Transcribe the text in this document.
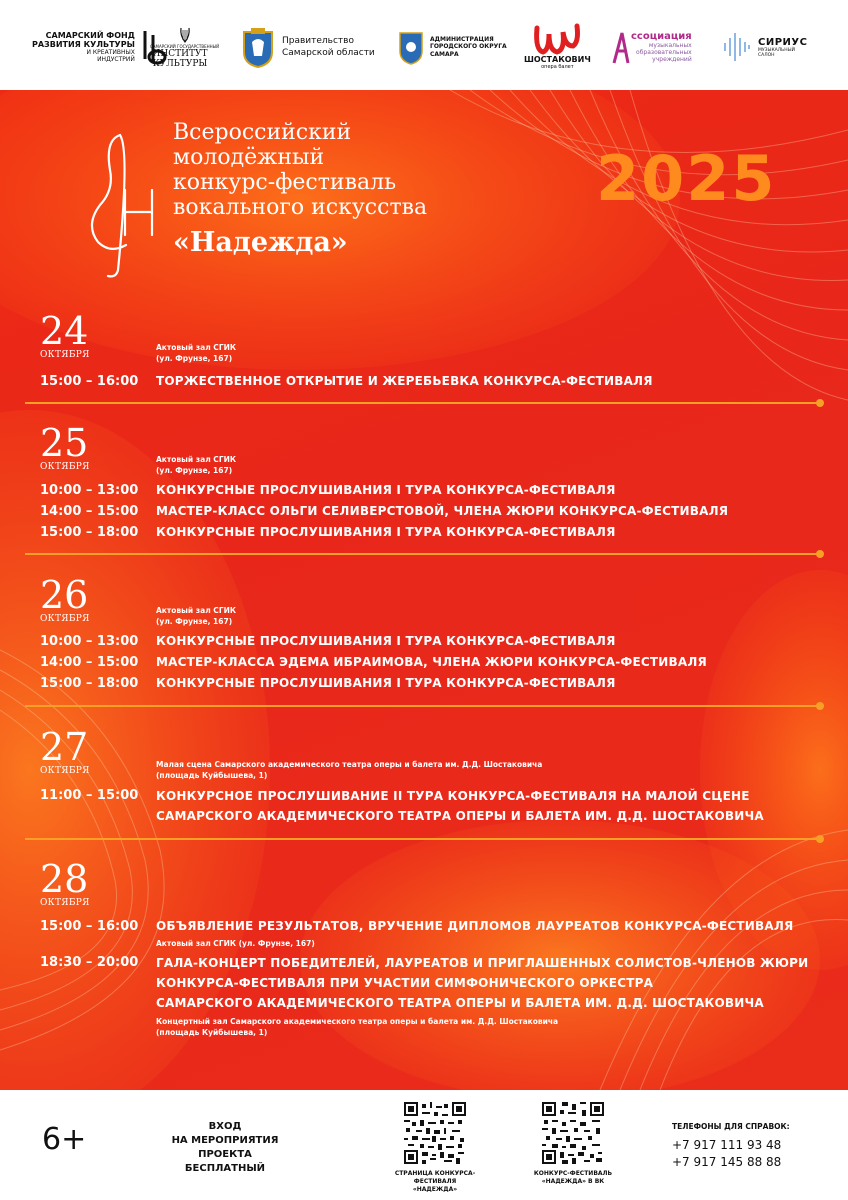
САМАРСКИЙ ФОНД
РАЗВИТИЯ КУЛЬТУРЫ
И КРЕАТИВНЫХ
ИНДУСТРИЙ
САМАРСКИЙ ГОСУДАРСТВЕННЫЙ
ИНСТИТУТ КУЛЬТУРЫ
Правительство
Самарской области
АДМИНИСТРАЦИЯ
ГОРОДСКОГО ОКРУГА
САМАРА
ШОСТАКОВИЧ
опера балет
ссоциация
музыкальных
образовательных
учреждений
СИРИУС
МУЗЫКАЛЬНЫЙ
САЛОН
Всероссийский
молодёжный
конкурс-фестиваль
вокального искусства
«Надежда»
2025
24
ОКТЯБРЯ
Актовый зал СГИК
(ул. Фрунзе, 167)
15:00 – 16:00 ТОРЖЕСТВЕННОЕ ОТКРЫТИЕ И ЖЕРЕБЬЕВКА КОНКУРСА-ФЕСТИВАЛЯ
25
ОКТЯБРЯ
Актовый зал СГИК
(ул. Фрунзе, 167)
10:00 – 13:00 КОНКУРСНЫЕ ПРОСЛУШИВАНИЯ I ТУРА КОНКУРСА-ФЕСТИВАЛЯ
14:00 – 15:00 МАСТЕР-КЛАСС ОЛЬГИ СЕЛИВЕРСТОВОЙ, ЧЛЕНА ЖЮРИ КОНКУРСА-ФЕСТИВАЛЯ
15:00 – 18:00 КОНКУРСНЫЕ ПРОСЛУШИВАНИЯ I ТУРА КОНКУРСА-ФЕСТИВАЛЯ
26
ОКТЯБРЯ
Актовый зал СГИК
(ул. Фрунзе, 167)
10:00 – 13:00 КОНКУРСНЫЕ ПРОСЛУШИВАНИЯ I ТУРА КОНКУРСА-ФЕСТИВАЛЯ
14:00 – 15:00 МАСТЕР-КЛАССА ЭДЕМА ИБРАИМОВА, ЧЛЕНА ЖЮРИ КОНКУРСА-ФЕСТИВАЛЯ
15:00 – 18:00 КОНКУРСНЫЕ ПРОСЛУШИВАНИЯ I ТУРА КОНКУРСА-ФЕСТИВАЛЯ
27
ОКТЯБРЯ
Малая сцена Самарского академического театра оперы и балета им. Д.Д. Шостаковича
(площадь Куйбышева, 1)
11:00 – 15:00	КОНКУРСНОЕ ПРОСЛУШИВАНИЕ II ТУРА КОНКУРСА-ФЕСТИВАЛЯ НА МАЛОЙ СЦЕНЕ
САМАРСКОГО АКАДЕМИЧЕСКОГО ТЕАТРА ОПЕРЫ И БАЛЕТА ИМ. Д.Д. ШОСТАКОВИЧА
28
ОКТЯБРЯ
15:00 – 16:00 ОБЪЯВЛЕНИЕ РЕЗУЛЬТАТОВ, ВРУЧЕНИЕ ДИПЛОМОВ ЛАУРЕАТОВ КОНКУРСА-ФЕСТИВАЛЯ
Актовый зал СГИК (ул. Фрунзе, 167)
18:30 – 20:00	ГАЛА-КОНЦЕРТ ПОБЕДИТЕЛЕЙ, ЛАУРЕАТОВ И ПРИГЛАШЕННЫХ СОЛИСТОВ-ЧЛЕНОВ ЖЮРИ
КОНКУРСА-ФЕСТИВАЛЯ ПРИ УЧАСТИИ СИМФОНИЧЕСКОГО ОРКЕСТРА
САМАРСКОГО АКАДЕМИЧЕСКОГО ТЕАТРА ОПЕРЫ И БАЛЕТА ИМ. Д.Д. ШОСТАКОВИЧА
Концертный зал Самарского академического театра оперы и балета им. Д.Д. Шостаковича
(площадь Куйбышева, 1)
6+	ВХОД
НА МЕРОПРИЯТИЯ ПРОЕКТА
БЕСПЛАТНЫЙ	СТРАНИЦА КОНКУРСА-ФЕСТИВАЛЯ
«НАДЕЖДА»
КОНКУРС-ФЕСТИВАЛЬ
«НАДЕЖДА» В ВК
ТЕЛЕФОНЫ ДЛЯ СПРАВОК:
+7 917 111 93 48
+7 917 145 88 88
